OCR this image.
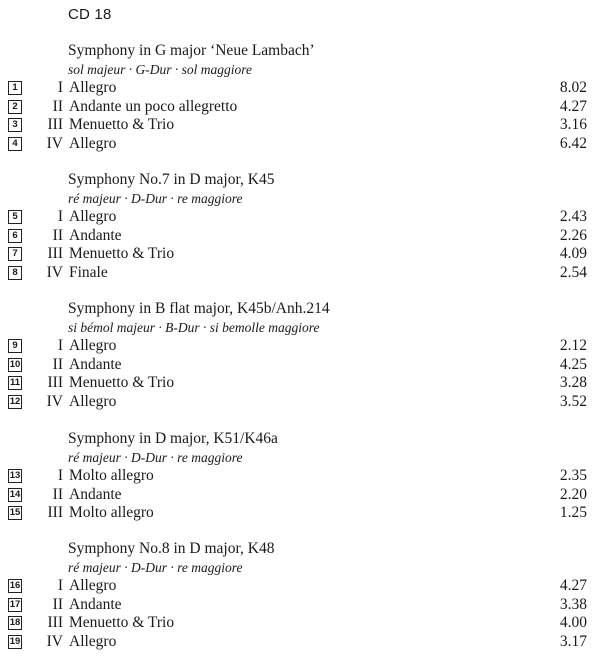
CD 18
Symphony in G major ‘Neue Lambach’
sol majeur · G-Dur · sol maggiore
1	I Allegro	8.02
2 II Andante un poco allegretto	4.27
3 III Menuetto & Trio	3.16
4 IV Allegro	6.42
Symphony No.7 in D major, K45
ré majeur · D-Dur · re maggiore
5	I Allegro	2.43
6 II Andante	2.26
7 III Menuetto & Trio	4.09
8 IV Finale	2.54
Symphony in B flat major, K45b/Anh.214
si bémol majeur · B-Dur · si bemolle maggiore
9	I Allegro	2.12
10 II Andante	4.25
11 III Menuetto & Trio	3.28
12 IV Allegro	3.52
Symphony in D major, K51/K46a
ré majeur · D-Dur · re maggiore
13 I Molto allegro	2.35
14 II Andante	2.20
15 III Molto allegro	1.25
Symphony No.8 in D major, K48
ré majeur · D-Dur · re maggiore
16 I Allegro	4.27
17 II Andante	3.38
18 III Menuetto & Trio	4.00
19 IV Allegro	3.17
